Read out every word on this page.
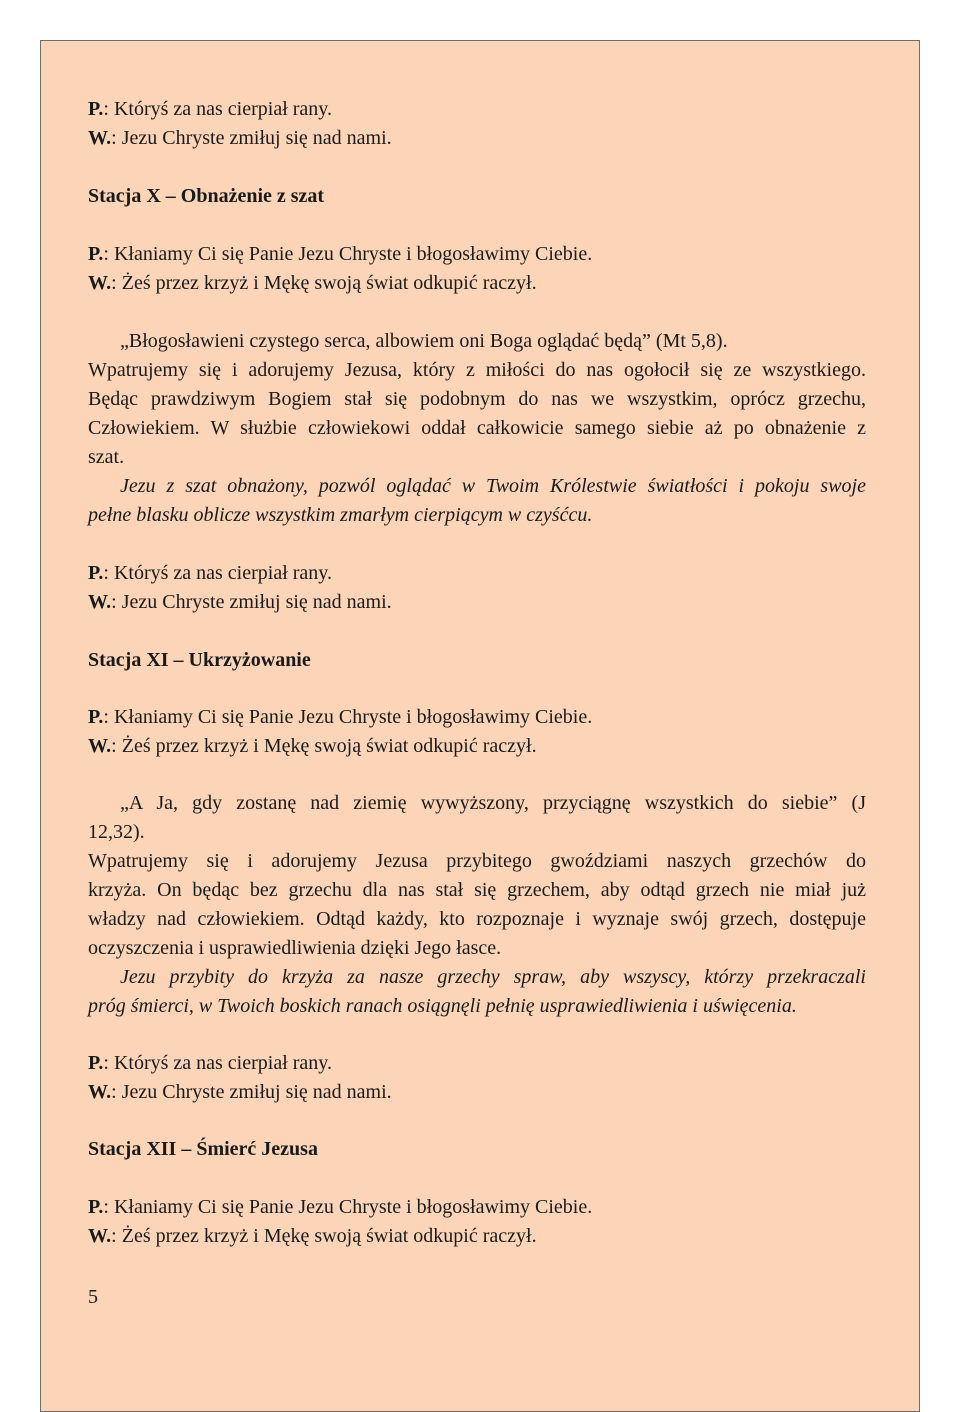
P.: Któryś za nas cierpiał rany.
W.: Jezu Chryste zmiłuj się nad nami.
Stacja X – Obnażenie z szat
P.: Kłaniamy Ci się Panie Jezu Chryste i błogosławimy Ciebie.
W.: Żeś przez krzyż i Mękę swoją świat odkupić raczył.
„Błogosławieni czystego serca, albowiem oni Boga oglądać będą” (Mt 5,8).
Wpatrujemy się i adorujemy Jezusa, który z miłości do nas ogołocił się ze wszystkiego.
Będąc prawdziwym Bogiem stał się podobnym do nas we wszystkim, oprócz grzechu,
Człowiekiem. W służbie człowiekowi oddał całkowicie samego siebie aż po obnażenie z
szat.
Jezu z szat obnażony, pozwól oglądać w Twoim Królestwie światłości i pokoju swoje
pełne blasku oblicze wszystkim zmarłym cierpiącym w czyśćcu.
P.: Któryś za nas cierpiał rany.
W.: Jezu Chryste zmiłuj się nad nami.
Stacja XI – Ukrzyżowanie
P.: Kłaniamy Ci się Panie Jezu Chryste i błogosławimy Ciebie.
W.: Żeś przez krzyż i Mękę swoją świat odkupić raczył.
„A Ja, gdy zostanę nad ziemię wywyższony, przyciągnę wszystkich do siebie” (J
12,32).
Wpatrujemy się i adorujemy Jezusa przybitego gwoździami naszych grzechów do
krzyża. On będąc bez grzechu dla nas stał się grzechem, aby odtąd grzech nie miał już
władzy nad człowiekiem. Odtąd każdy, kto rozpoznaje i wyznaje swój grzech, dostępuje
oczyszczenia i usprawiedliwienia dzięki Jego łasce.
Jezu przybity do krzyża za nasze grzechy spraw, aby wszyscy, którzy przekraczali
próg śmierci, w Twoich boskich ranach osiągnęli pełnię usprawiedliwienia i uświęcenia.
P.: Któryś za nas cierpiał rany.
W.: Jezu Chryste zmiłuj się nad nami.
Stacja XII – Śmierć Jezusa
P.: Kłaniamy Ci się Panie Jezu Chryste i błogosławimy Ciebie.
W.: Żeś przez krzyż i Mękę swoją świat odkupić raczył.
5
